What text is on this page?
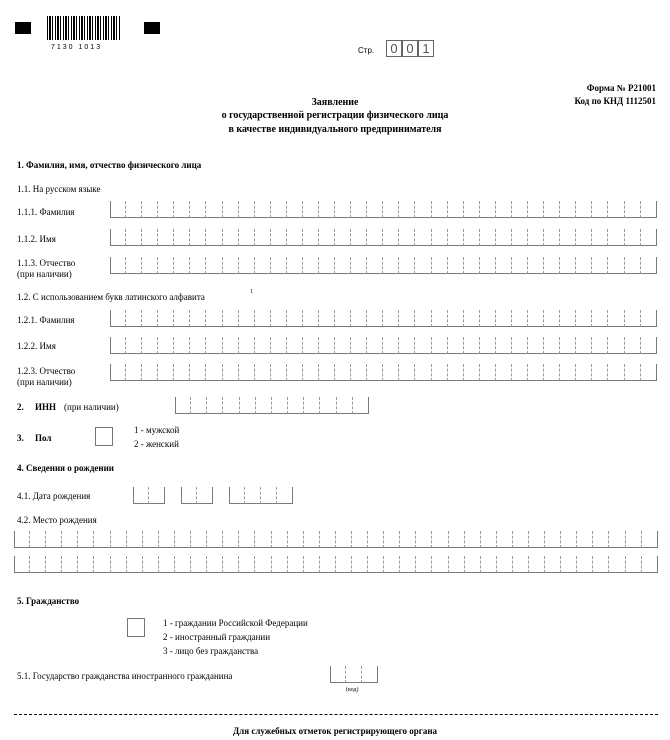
7130 1013	Стр. 0 0 1
Форма № Р21001
Код по КНД 1112501
Заявление
о государственной регистрации физического лица
в качестве индивидуального предпринимателя
1. Фамилия, имя, отчество физического лица
1.1. На русском языке
1.1.1. Фамилия
1.1.2. Имя
1.1.3. Отчество
(при наличии)
1.2. С использованием букв латинского алфавита	1
1.2.1. Фамилия
1.2.2. Имя
1.2.3. Отчество
(при наличии)
2. ИНН (при наличии)
3. Пол
1 - мужской
2 - женский
4. Сведения о рождении
4.1. Дата рождения
4.2. Место рождения
5. Гражданство
1 - граждании Российской Федерации
2 - иностранный граждании
3 - лицо без гражданства
5.1. Государство гражданства иностранного гражданина
(код)
Для служебных отметок регистрирующего органа
